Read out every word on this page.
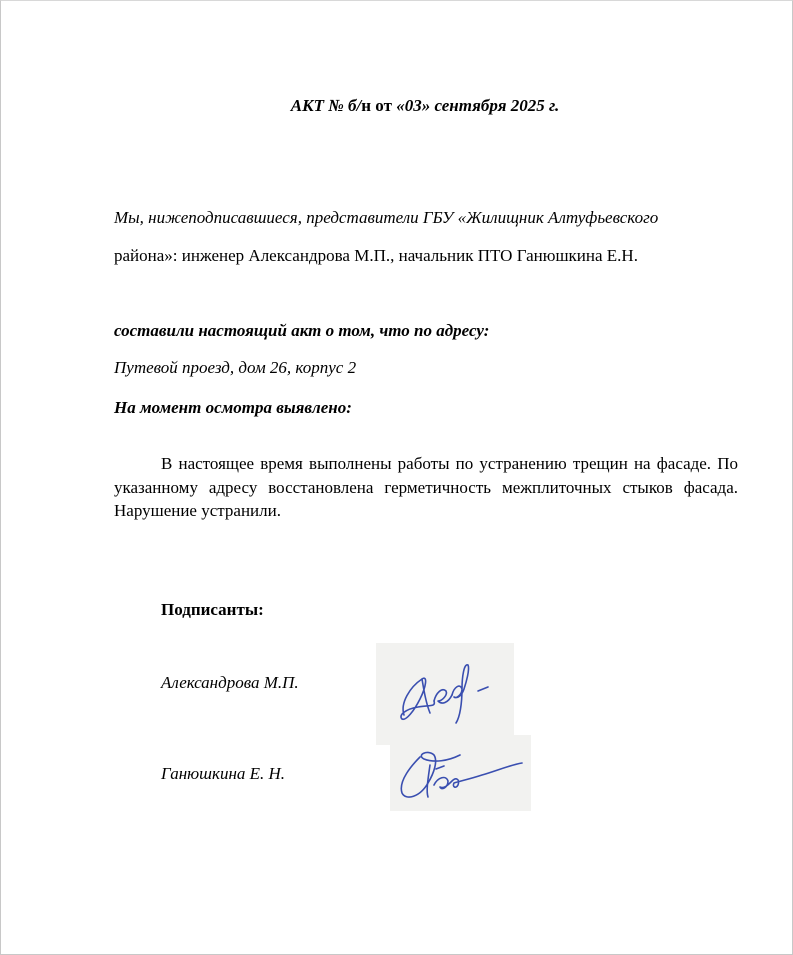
АКТ № б/н от «03» сентября 2025 г.
Мы, нижеподписавшиеся, представители ГБУ «Жилищник Алтуфьевского
района»: инженер Александрова М.П., начальник ПТО Ганюшкина Е.Н.
составили настоящий акт о том, что по адресу:
Путевой проезд, дом 26, корпус 2
На момент осмотра выявлено:
В настоящее время выполнены работы по устранению трещин на фасаде. По указанному адресу восстановлена герметичность межплиточных стыков фасада. Нарушение устранили.
Подписанты:
Александрова М.П.
Ганюшкина Е. Н.
